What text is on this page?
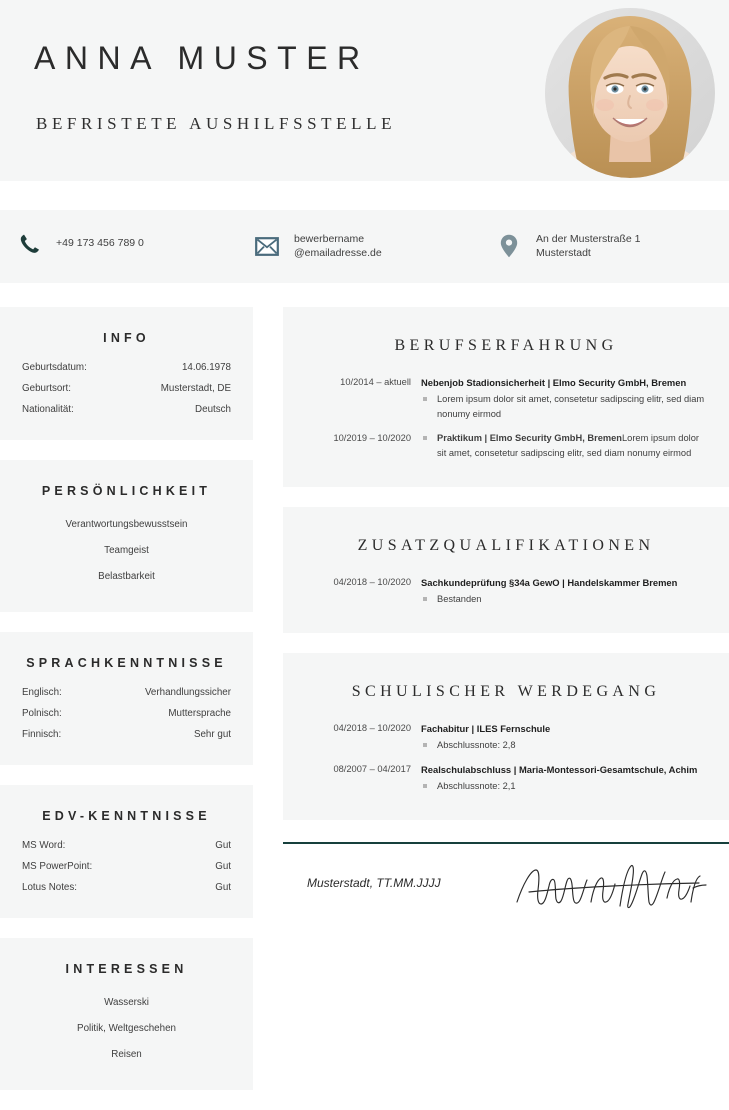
ANNA MUSTER
BEFRISTETE AUSHILFSSTELLE
+49 173 456 789 0	bewerbername
@emailadresse.de
An der Musterstraße 1
Musterstadt
INFO
Geburtsdatum:	14.06.1978
Geburtsort:	Musterstadt, DE
Nationalität:	Deutsch
PERSÖNLICHKEIT
Verantwortungsbewusstsein
Teamgeist
Belastbarkeit
SPRACHKENNTNISSE
Englisch:	Verhandlungssicher
Polnisch:	Muttersprache
Finnisch:	Sehr gut
EDV-KENNTNISSE
MS Word:	Gut
MS PowerPoint:	Gut
Lotus Notes:	Gut
INTERESSEN
Wasserski
Politik, Weltgeschehen
Reisen
BERUFSERFAHRUNG
10/2014 – aktuell	Nebenjob Stadionsicherheit | Elmo Security GmbH, Bremen
Lorem ipsum dolor sit amet, consetetur sadipscing elitr, sed diam nonumy eirmod
10/2019 – 10/2020	Praktikum | Elmo Security GmbH, BremenLorem ipsum dolor sit amet, consetetur sadipscing elitr, sed diam nonumy eirmod
ZUSATZQUALIFIKATIONEN
04/2018 – 10/2020	Sachkundeprüfung §34a GewO | Handelskammer Bremen
Bestanden
SCHULISCHER WERDEGANG
04/2018 – 10/2020	Fachabitur | ILES Fernschule
Abschlussnote: 2,8
08/2007 – 04/2017	Realschulabschluss | Maria-Montessori-Gesamtschule, Achim
Abschlussnote: 2,1
Musterstadt, TT.MM.JJJJ
